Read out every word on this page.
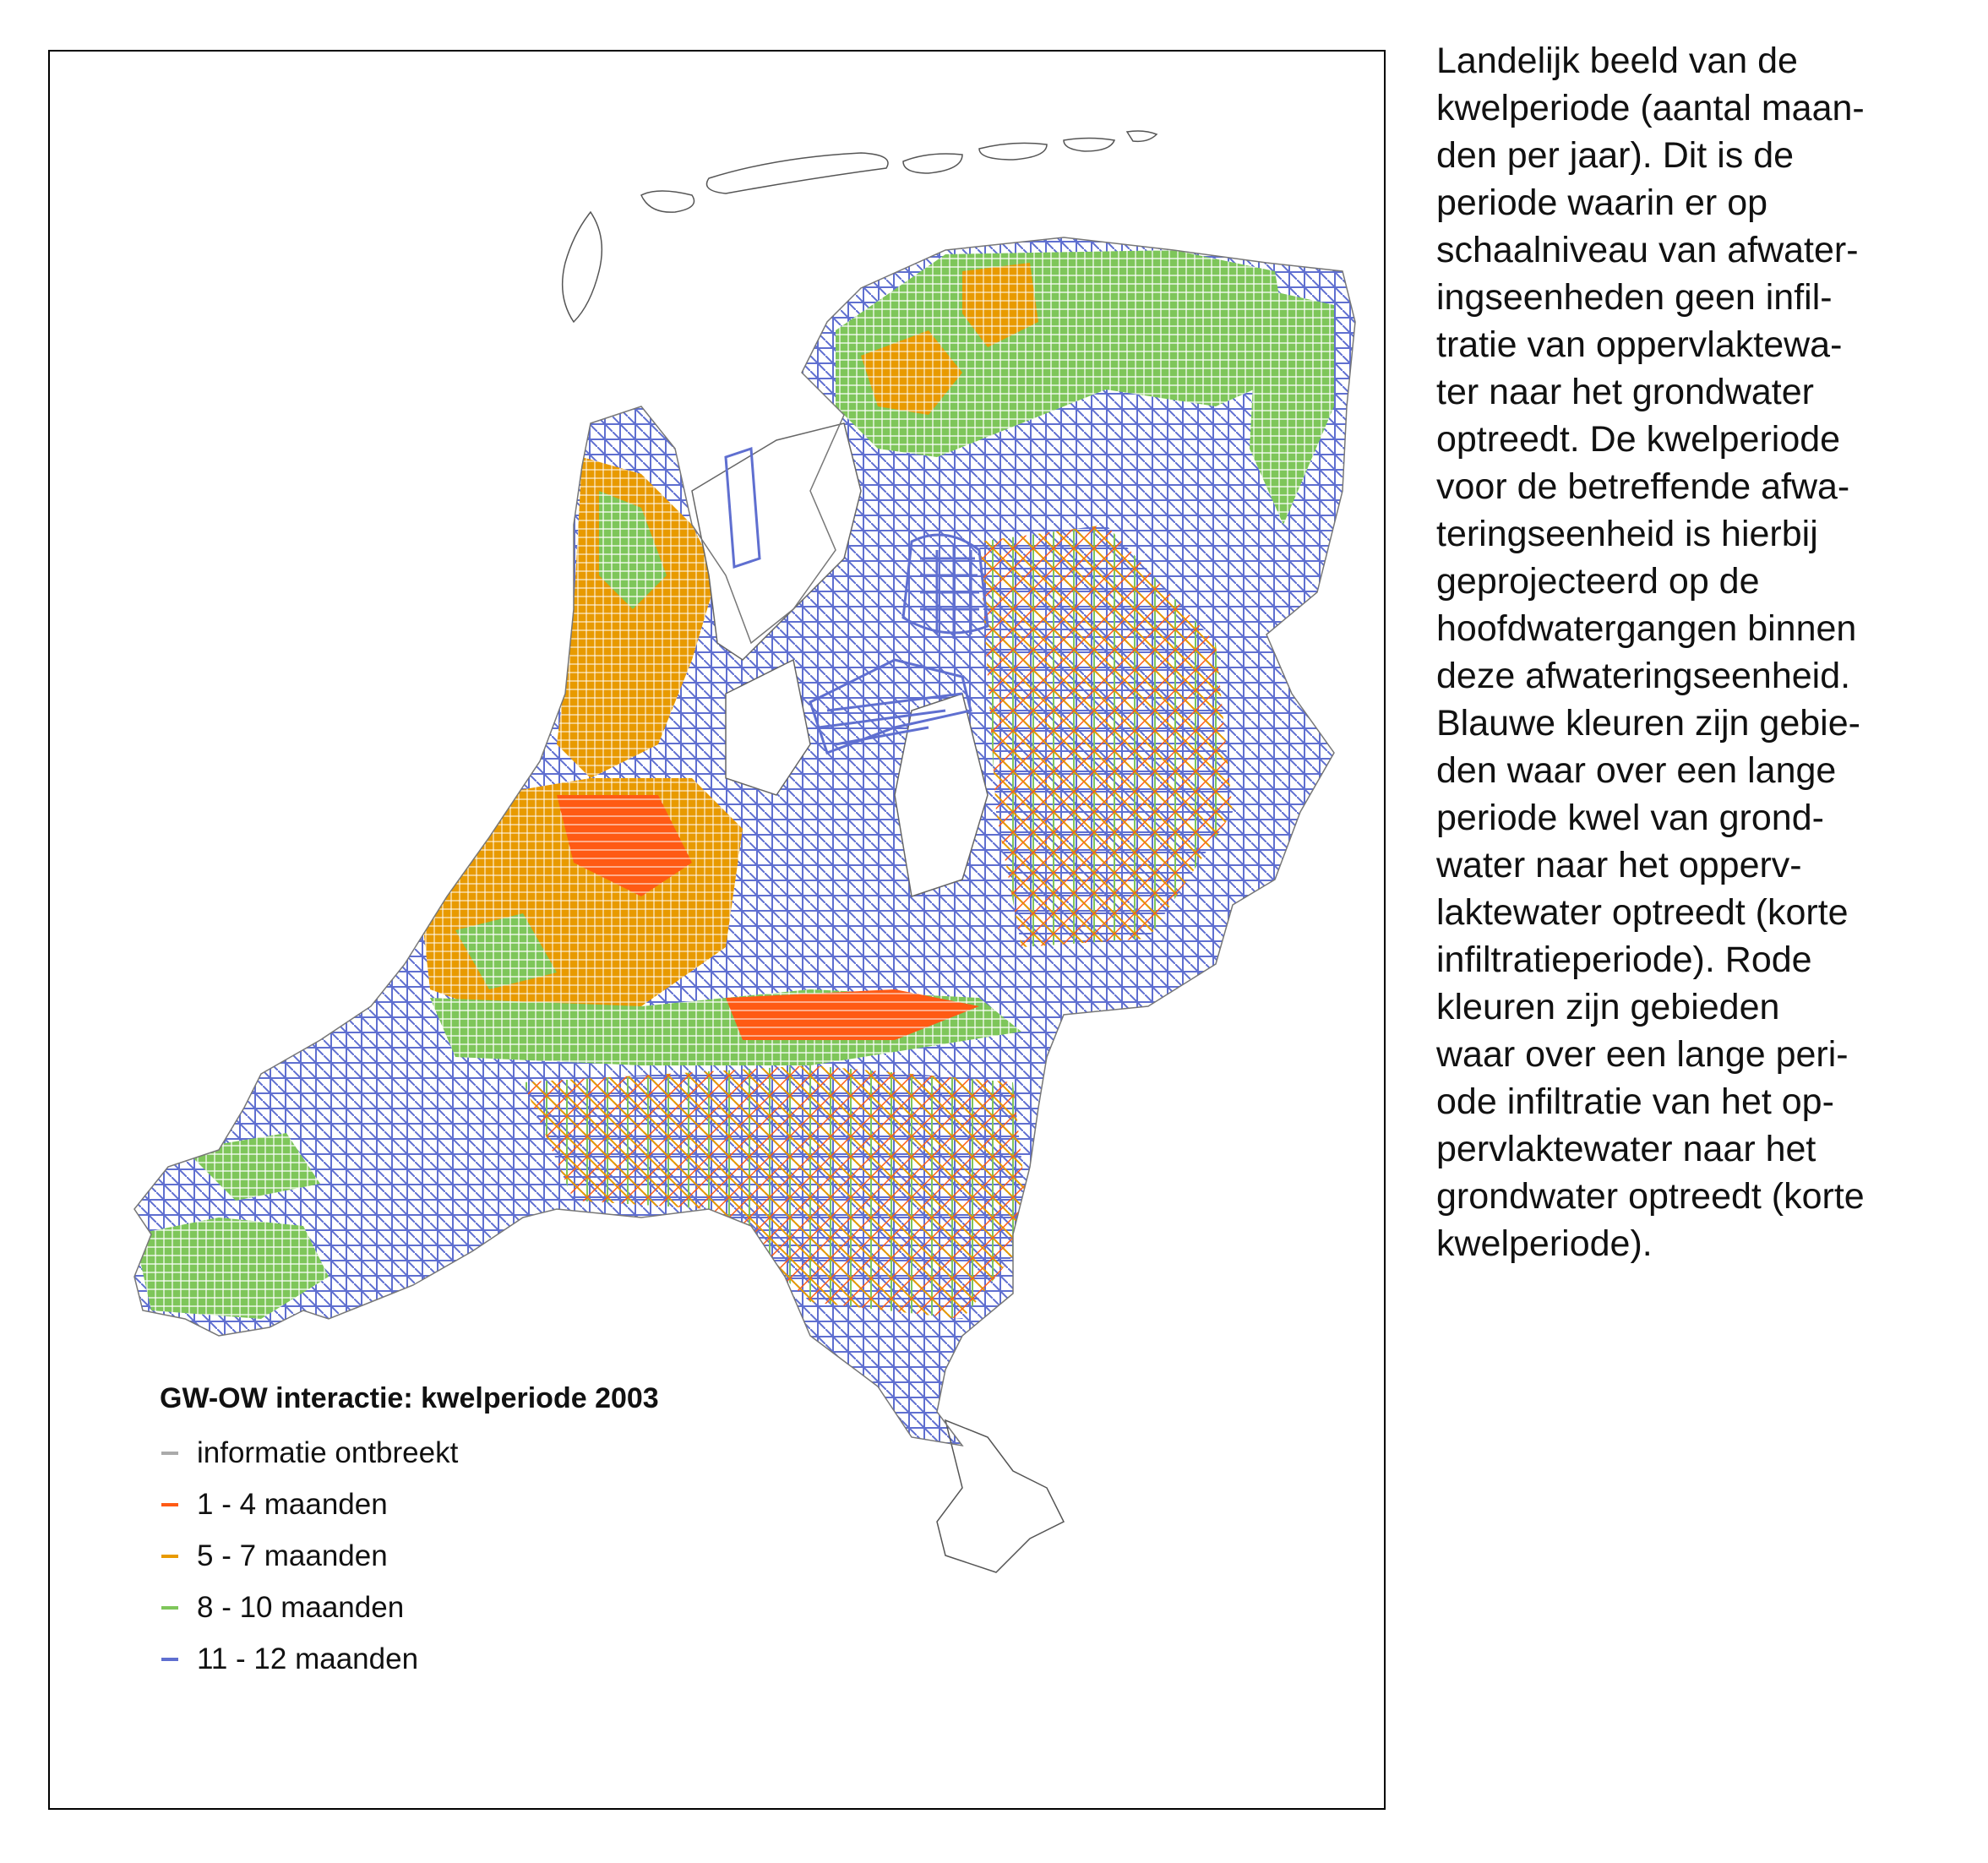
GW-OW interactie: kwelperiode 2003
informatie ontbreekt
1 - 4 maanden
5 - 7 maanden
8 - 10 maanden
11 - 12 maanden
Landelijk beeld van de
kwelperiode (aantal maan-
den per jaar). Dit is de
periode waarin er op
schaalniveau van afwater-
ingseenheden geen infil-
tratie van oppervlaktewa-
ter naar het grondwater
optreedt. De kwelperiode
voor de betreffende afwa-
teringseenheid is hierbij
geprojecteerd op de
hoofdwatergangen binnen
deze afwateringseenheid.
Blauwe kleuren zijn gebie-
den waar over een lange
periode kwel van grond-
water naar het opperv-
laktewater optreedt (korte
infiltratieperiode). Rode
kleuren zijn gebieden
waar over een lange peri-
ode infiltratie van het op-
pervlaktewater naar het
grondwater optreedt (korte
kwelperiode).
